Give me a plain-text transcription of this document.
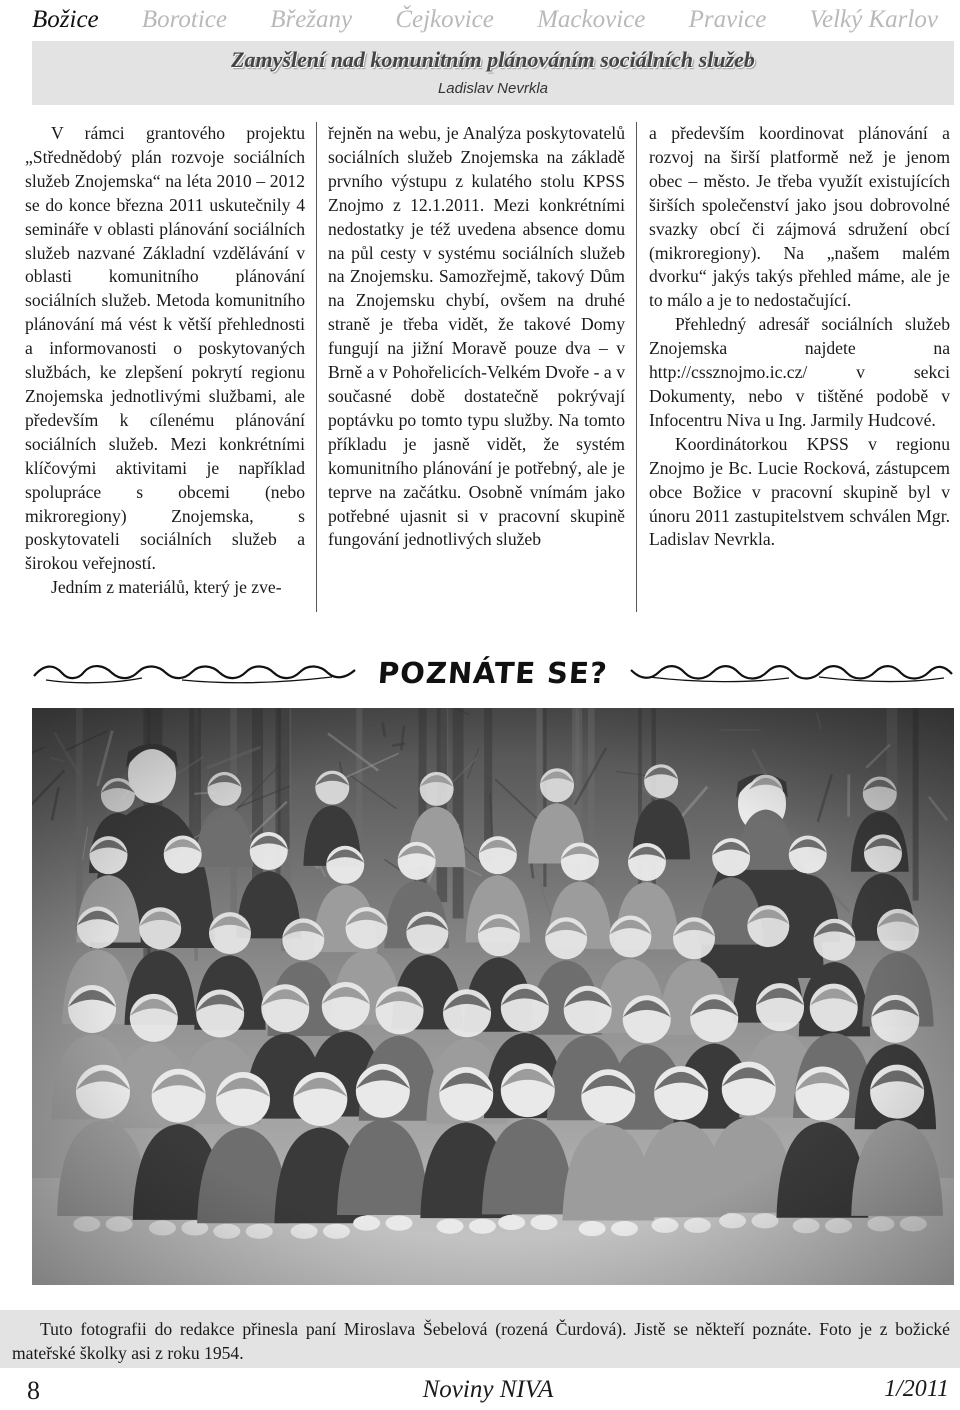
Božice Borotice Břežany Čejkovice Mackovice Pravice Velký Karlov
Zamyšlení nad komunitním plánováním sociálních služeb
Ladislav Nevrkla

V rámci grantového projektu „Střednědobý plán rozvoje sociálních služeb Znojemska“ na léta 2010 – 2012 se do konce března 2011 uskutečnily 4 semináře v oblasti plánování sociálních služeb nazvané Základní vzdělávání v oblasti komunitního plánování sociálních služeb. Metoda komunitního plánování má vést k větší přehlednosti a informovanosti o poskytovaných službách, ke zlepšení pokrytí regionu Znojemska jednotlivými službami, ale především k cílenému plánování sociálních služeb. Mezi konkrétními klíčovými aktivitami je například spolupráce s obcemi (nebo mikroregiony) Znojemska, s poskytovateli sociálních služeb a širokou veřejností.

Jedním z materiálů, který je zve-

řejněn na webu, je Analýza poskytovatelů sociálních služeb Znojemska na základě prvního výstupu z kulatého stolu KPSS Znojmo z 12.1.2011. Mezi konkrétními nedostatky je též uvedena absence domu na půl cesty v systému sociálních služeb na Znojemsku. Samozřejmě, takový Dům na Znojemsku chybí, ovšem na druhé straně je třeba vidět, že takové Domy fungují na jižní Moravě pouze dva – v Brně a v Pohořelicích-Velkém Dvoře - a v současné době dostatečně pokrývají poptávku po tomto typu služby. Na tomto příkladu je jasně vidět, že systém komunitního plánování je potřebný, ale je teprve na začátku. Osobně vnímám jako potřebné ujasnit si v pracovní skupině fungování jednotlivých služeb

a především koordinovat plánování a rozvoj na širší platformě než je jenom obec – město. Je třeba využít existujících širších společenství jako jsou dobrovolné svazky obcí či zájmová sdružení obcí (mikroregiony). Na „našem malém dvorku“ jakýs takýs přehled máme, ale je to málo a je to nedostačující.

Přehledný adresář sociálních služeb Znojemska najdete na http://cssznojmo.ic.cz/ v sekci Dokumenty, nebo v tištěné podobě v Infocentru Niva u Ing. Jarmily Hudcové.

Koordinátorkou KPSS v regionu Znojmo je Bc. Lucie Rocková, zástupcem obce Božice v pracovní skupině byl v únoru 2011 zastupitelstvem schválen Mgr. Ladislav Nevrkla.

POZNÁTE SE?

Tuto fotografii do redakce přinesla paní Miroslava Šebelová (rozená Čurdová). Jistě se někteří poznáte. Foto je z božické mateřské školky asi z roku 1954.

8	Noviny NIVA	1/2011
